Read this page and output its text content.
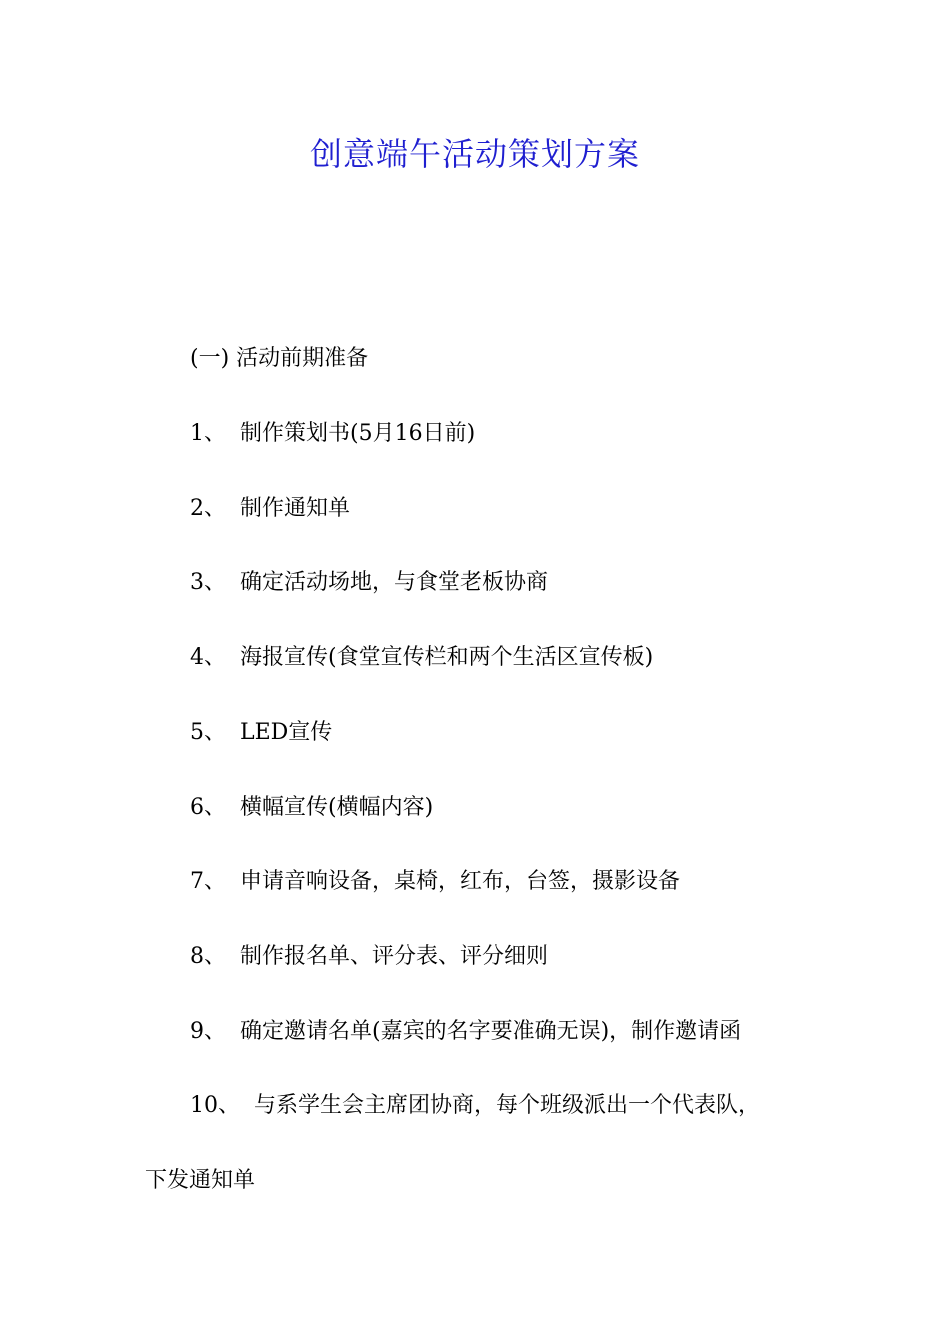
创意端午活动策划方案
(一) 活动前期准备
1、 制作策划书(5月16日前)
2、 制作通知单
3、 确定活动场地，与食堂老板协商
4、 海报宣传(食堂宣传栏和两个生活区宣传板)
5、 LED宣传
6、 横幅宣传(横幅内容)
7、 申请音响设备，桌椅，红布，台签，摄影设备
8、 制作报名单、评分表、评分细则
9、 确定邀请名单(嘉宾的名字要准确无误)，制作邀请函
10、 与系学生会主席团协商，每个班级派出一个代表队，
下发通知单
